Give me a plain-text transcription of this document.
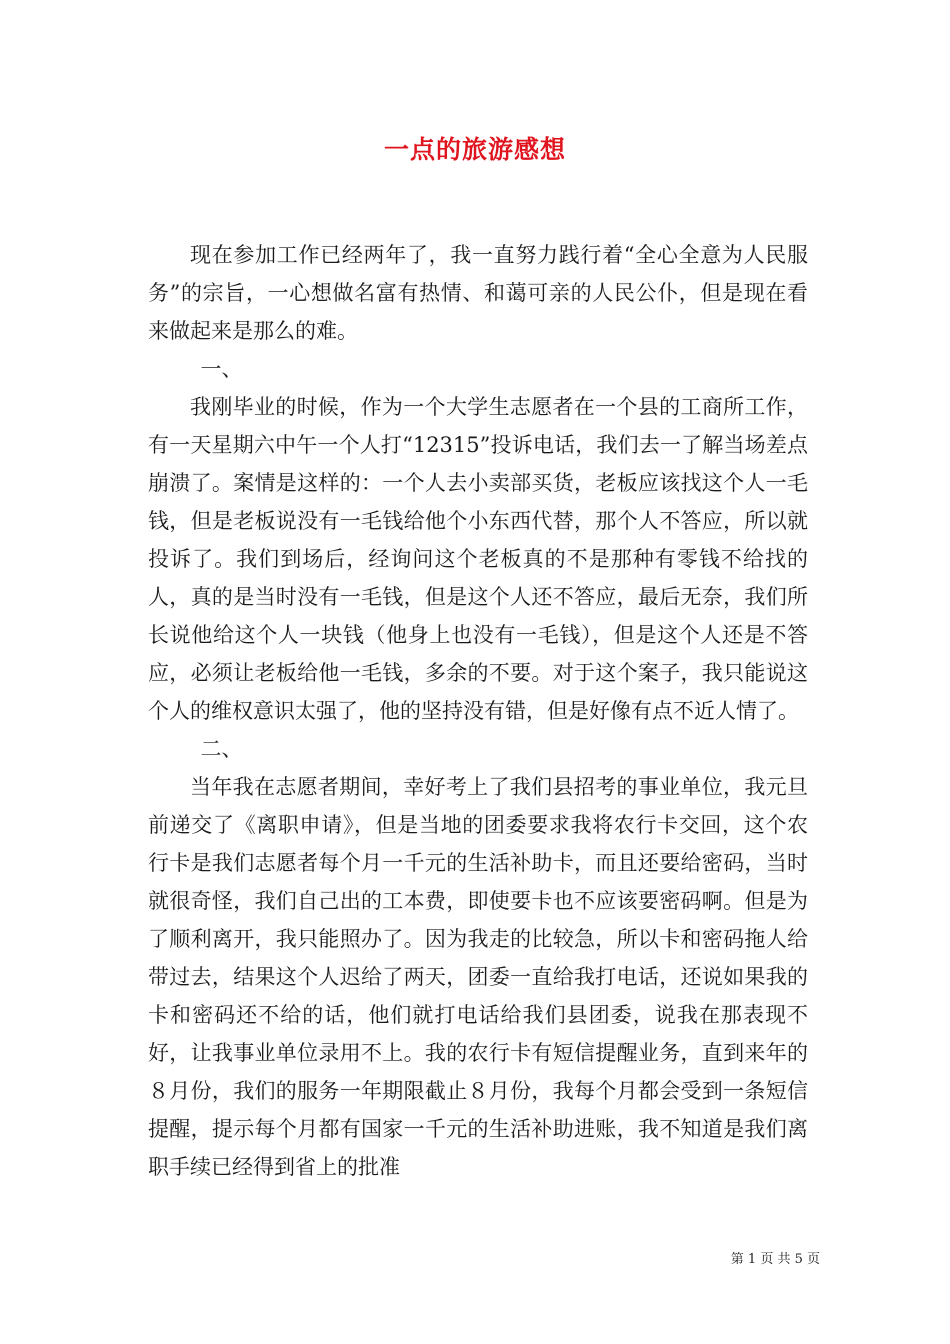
一点的旅游感想

现在参加工作已经两年了，我一直努力践行着“全心全意为人民服务”的宗旨，一心想做名富有热情、和蔼可亲的人民公仆，但是现在看来做起来是那么的难。

一、

我刚毕业的时候，作为一个大学生志愿者在一个县的工商所工作，有一天星期六中午一个人打“12315”投诉电话，我们去一了解当场差点崩溃了。案情是这样的：一个人去小卖部买货，老板应该找这个人一毛钱，但是老板说没有一毛钱给他个小东西代替，那个人不答应，所以就投诉了。我们到场后，经询问这个老板真的不是那种有零钱不给找的人，真的是当时没有一毛钱，但是这个人还不答应，最后无奈，我们所长说他给这个人一块钱（他身上也没有一毛钱），但是这个人还是不答应，必须让老板给他一毛钱，多余的不要。对于这个案子，我只能说这个人的维权意识太强了，他的坚持没有错，但是好像有点不近人情了。

二、

当年我在志愿者期间，幸好考上了我们县招考的事业单位，我元旦前递交了《离职申请》，但是当地的团委要求我将农行卡交回，这个农行卡是我们志愿者每个月一千元的生活补助卡，而且还要给密码，当时就很奇怪，我们自己出的工本费，即使要卡也不应该要密码啊。但是为了顺利离开，我只能照办了。因为我走的比较急，所以卡和密码拖人给带过去，结果这个人迟给了两天，团委一直给我打电话，还说如果我的卡和密码还不给的话，他们就打电话给我们县团委，说我在那表现不好，让我事业单位录用不上。我的农行卡有短信提醒业务，直到来年的８月份，我们的服务一年期限截止８月份，我每个月都会受到一条短信提醒，提示每个月都有国家一千元的生活补助进账，我不知道是我们离职手续已经得到省上的批准

第 1 页 共 5 页
